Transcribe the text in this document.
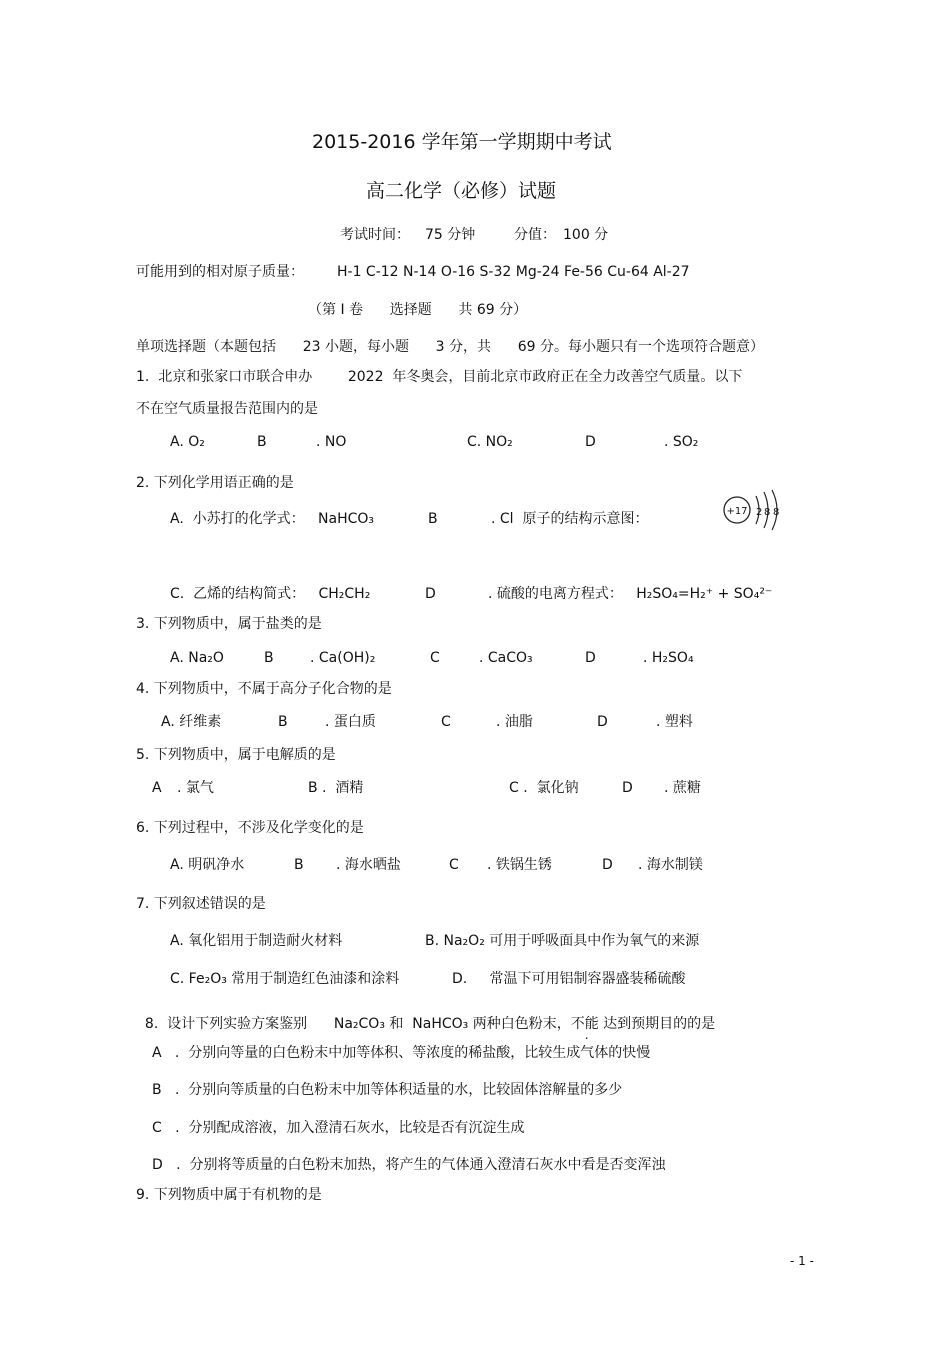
2015-2016 学年第一学期期中考试
高二化学（必修）试题
考试时间： 75 分钟	分值： 100 分
可能用到的相对原子质量： H-1 C-12 N-14 O-16 S-32 Mg-24 Fe-56 Cu-64 Al-27
（第 I 卷      选择题      共 69 分）
单项选择题（本题包括      23 小题，每小题      3 分，共      69 分。每小题只有一个选项符合题意）
1.  北京和张家口市联合申办        2022  年冬奥会，目前北京市政府正在全力改善空气质量。以下
不在空气质量报告范围内的是
A. O₂	B	. NO	C. NO₂	D	. SO₂
2. 下列化学用语正确的是
A.  小苏打的化学式：   NaHCO₃	B	. Cl  原子的结构示意图：	+17 2 8 8
C.  乙烯的结构简式：   CH₂CH₂	D	. 硫酸的电离方程式：   H₂SO₄=H₂⁺ + SO₄²⁻
3. 下列物质中，属于盐类的是
A. Na₂O	B	. Ca(OH)₂	C	. CaCO₃	D	. H₂SO₄
4. 下列物质中，不属于高分子化合物的是
A. 纤维素	B	. 蛋白质	C	. 油脂	D	. 塑料
5. 下列物质中，属于电解质的是
A . 氯气	B .  酒精	C .  氯化钠	D . 蔗糖
6. 下列过程中，不涉及化学变化的是
A. 明矾净水	B . 海水晒盐	C . 铁锅生锈	D . 海水制镁
7. 下列叙述错误的是
A. 氧化铝用于制造耐火材料	B. Na₂O₂ 可用于呼吸面具中作为氧气的来源
C. Fe₂O₃ 常用于制造红色油漆和涂料	D.     常温下可用铝制容器盛装稀硫酸

8.  设计下列实验方案鉴别      Na₂CO₃ 和  NaHCO₃ 两种白色粉末，不能 达到预期目的的是

A   .  分别向等量的白色粉末中加等体积、等浓度的稀盐酸，比较生成气体的快慢
B   .  分别向等质量的白色粉末中加等体积适量的水，比较固体溶解量的多少
C   .  分别配成溶液，加入澄清石灰水，比较是否有沉淀生成
D   .  分别将等质量的白色粉末加热，将产生的气体通入澄清石灰水中看是否变浑浊
9. 下列物质中属于有机物的是
- 1 -
